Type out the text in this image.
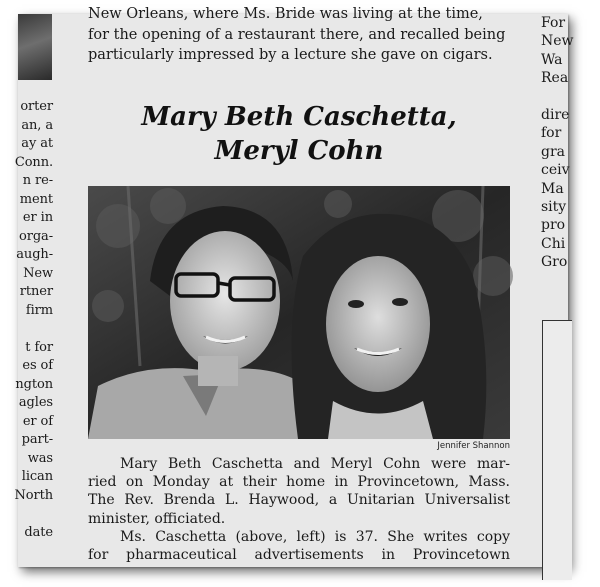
orter
an, a
ay at
Conn.
n re-
ment
er in
orga-
augh-
New
rtner
firm
t for
es of
ngton
agles
er of
part-
was
lican
North
date
New Orleans, where Ms. Bride was living at the time,
for the opening of a restaurant there, and recalled being
particularly impressed by a lecture she gave on cigars.
Mary Beth Caschetta,
Meryl Cohn
Jennifer Shannon
Mary Beth Caschetta and Meryl Cohn were mar-
ried on Monday at their home in Provincetown, Mass.
The Rev. Brenda L. Haywood, a Unitarian Universalist
minister, officiated.
Ms. Caschetta (above, left) is 37. She writes copy
for pharmaceutical advertisements in Provincetown
For
New
Wa
Rea
dire
for
gra
ceiv
Ma
sity
pro
Chi
Gro
